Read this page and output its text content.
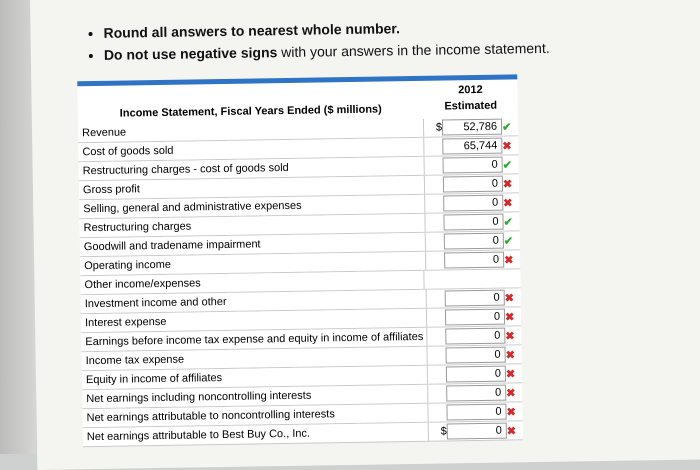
• Round all answers to nearest whole number.
• Do not use negative signs with your answers in the income statement.
Income Statement, Fiscal Years Ended ($ millions)
2012
Estimated
Revenue	$	52,786 ✔
Cost of goods sold	65,744 ✖
Restructuring charges - cost of goods sold	0 ✔
Gross profit	0 ✖
Selling, general and administrative expenses	0 ✖
Restructuring charges	0 ✔
Goodwill and tradename impairment	0 ✔
Operating income	0 ✖
Other income/expenses
Investment income and other	0 ✖
Interest expense	0 ✖
Earnings before income tax expense and equity in income of affiliates	0 ✖
Income tax expense	0 ✖
Equity in income of affiliates	0 ✖
Net earnings including noncontrolling interests	0 ✖
Net earnings attributable to noncontrolling interests	0 ✖
Net earnings attributable to Best Buy Co., Inc.	$	0 ✖
